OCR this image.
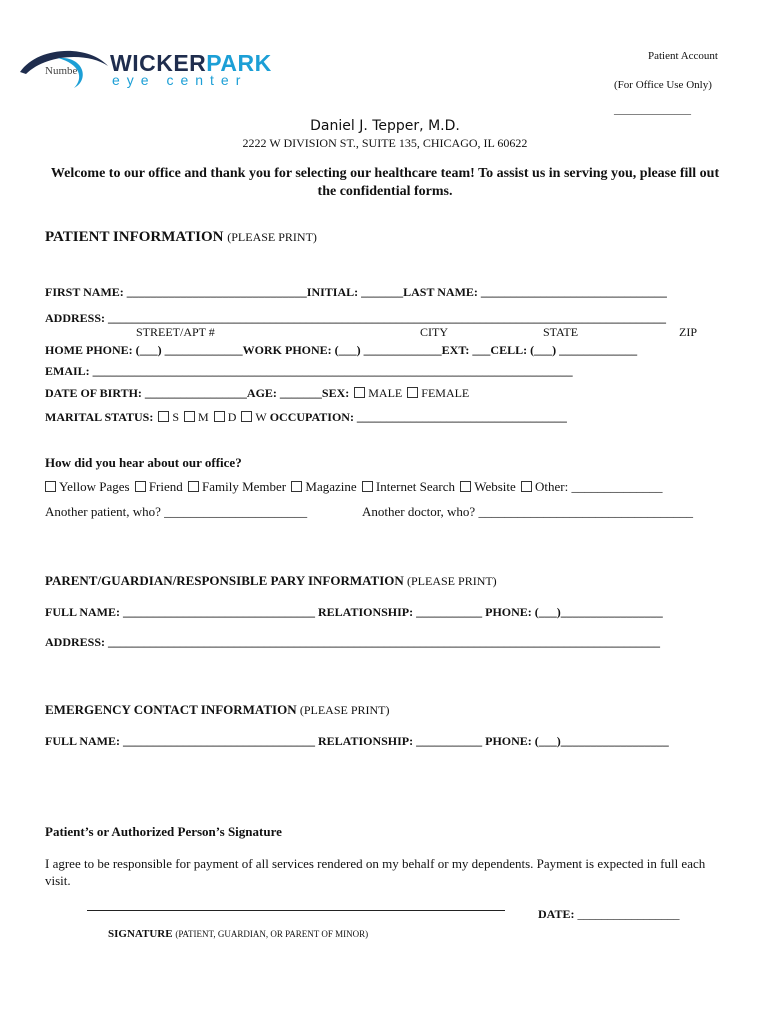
Numbe WICKERPARK
eye center
Patient Account
(For Office Use Only)
______________
Daniel J. Tepper, M.D.
2222 W DIVISION ST., SUITE 135, CHICAGO, IL 60622
Welcome to our office and thank you for selecting our healthcare team! To assist us in serving you, please fill out the confidential forms.
PATIENT INFORMATION (PLEASE PRINT)
FIRST NAME: ______________________________INITIAL: _______LAST NAME: _______________________________
ADDRESS: _____________________________________________________________________________________________
STREET/APT #	CITY	STATE	ZIP
HOME PHONE: (___) _____________WORK PHONE: (___) _____________EXT: ___CELL: (___) _____________
EMAIL: ________________________________________________________________________________
DATE OF BIRTH: _________________AGE: _______SEX: MALE FEMALE
MARITAL STATUS: S M D W OCCUPATION: ___________________________________
How did you hear about our office?
Yellow Pages Friend Family Member Magazine Internet Search Website Other: ______________
Another patient, who? ______________________	Another doctor, who? _________________________________
PARENT/GUARDIAN/RESPONSIBLE PARY INFORMATION (PLEASE PRINT)
FULL NAME: ________________________________ RELATIONSHIP: ___________ PHONE: (___)_________________
ADDRESS: ____________________________________________________________________________________________
EMERGENCY CONTACT INFORMATION (PLEASE PRINT)
FULL NAME: ________________________________ RELATIONSHIP: ___________ PHONE: (___)__________________
Patient’s or Authorized Person’s Signature
I agree to be responsible for payment of all services rendered on my behalf or my dependents. Payment is expected in full each visit.
DATE: _________________
SIGNATURE (PATIENT, GUARDIAN, OR PARENT OF MINOR)
